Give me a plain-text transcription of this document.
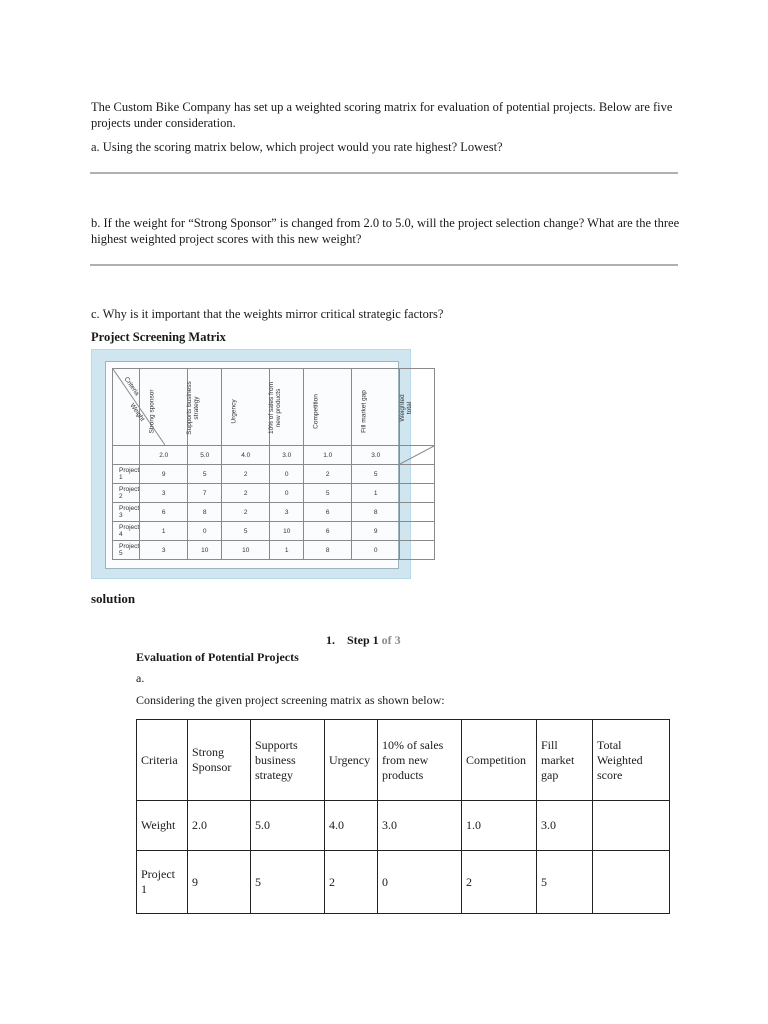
The Custom Bike Company has set up a weighted scoring matrix for evaluation of potential projects. Below are five projects under consideration.
a. Using the scoring matrix below, which project would you rate highest? Lowest?
b. If the weight for “Strong Sponsor” is changed from 2.0 to 5.0, will the project selection change? What are the three highest weighted project scores with this new weight?
c. Why is it important that the weights mirror critical strategic factors?
Project Screening Matrix
Criteria
Weight	Strong sponsor	Supports business strategy	Urgency	10% of sales from new products	Competition	Fill market gap	Weighted total
	2.0	5.0	4.0	3.0	1.0	3.0	

Project 1	9	5	2	0	2	5	
Project 2	3	7	2	0	5	1	
Project 3	6	8	2	3	6	8	
Project 4	1	0	5	10	6	9	
Project 5	3	10	10	1	8	0	
solution
1. Step 1 of 3
Evaluation of Potential Projects
a.
Considering the given project screening matrix as shown below:
Criteria	Strong Sponsor	Supports business strategy	Urgency	10% of sales from new products	Competition	Fill market gap	Total Weighted score
Weight	2.0	5.0	4.0	3.0	1.0	3.0	
Project 1	9	5	2	0	2	5	
